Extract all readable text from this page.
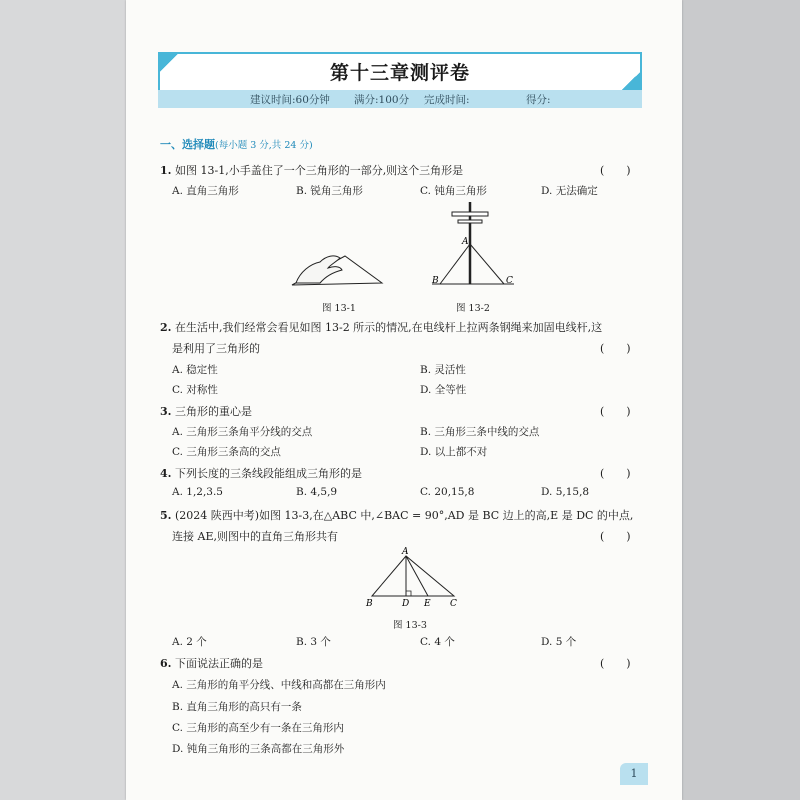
第十三章测评卷
建议时间:60分钟 满分:100分 完成时间:	得分:
一、选择题(每小题 3 分,共 24 分)
1. 如图 13-1,小手盖住了一个三角形的一部分,则这个三角形是	(　　)
A. 直角三角形	B. 锐角三角形	C. 钝角三角形	D. 无法确定
图 13-1
A
B	C
图 13-2
2. 在生活中,我们经常会看见如图 13-2 所示的情况,在电线杆上拉两条钢绳来加固电线杆,这
是利用了三角形的	(　　)
A. 稳定性	B. 灵活性
C. 对称性	D. 全等性
3. 三角形的重心是	(　　)
A. 三角形三条角平分线的交点	B. 三角形三条中线的交点
C. 三角形三条高的交点	D. 以上都不对
4. 下列长度的三条线段能组成三角形的是	(　　)
A. 1,2,3.5	B. 4,5,9	C. 20,15,8	D. 5,15,8
5. (2024 陕西中考)如图 13-3,在△ABC 中,∠BAC = 90°,AD 是 BC 边上的高,E 是 DC 的中点,
连接 AE,则图中的直角三角形共有	(　　)
A
B	D E C
图 13-3
A. 2 个	B. 3 个	C. 4 个	D. 5 个
6. 下面说法正确的是	(　　)
A. 三角形的角平分线、中线和高都在三角形内
B. 直角三角形的高只有一条
C. 三角形的高至少有一条在三角形内
D. 钝角三角形的三条高都在三角形外
1
